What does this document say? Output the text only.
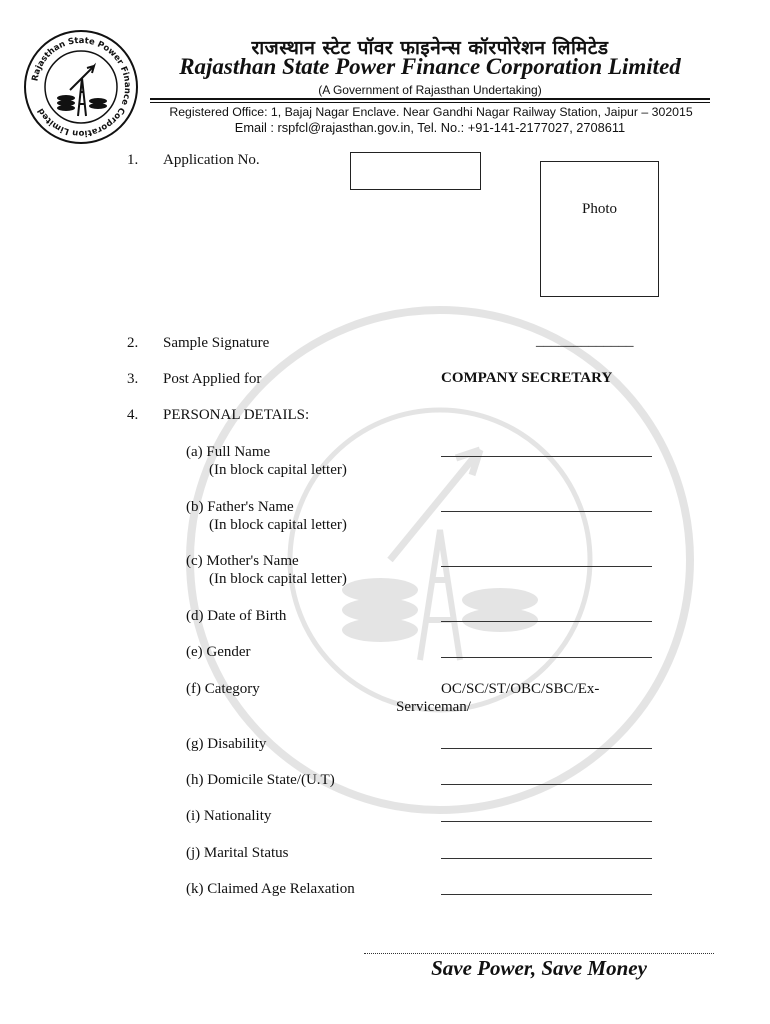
Rajasthan State Power Finance Corporation Limited
राजस्थान स्टेट पॉवर फाइनेन्स कॉरपोरेशन लिमिटेड
Rajasthan State Power Finance Corporation Limited
(A Government of Rajasthan Undertaking)
Registered Office: 1, Bajaj Nagar Enclave. Near Gandhi Nagar Railway Station, Jaipur – 302015
Email : rspfcl@rajasthan.gov.in, Tel. No.: +91-141-2177027, 2708611
1. Application No.
Photo
2. Sample Signature	_____________
3. Post Applied for	COMPANY SECRETARY
4. PERSONAL DETAILS:
(a) Full Name
(In block capital letter)
(b) Father's Name
(In block capital letter)
(c) Mother's Name
(In block capital letter)
(d) Date of Birth
(e) Gender
(f) Category	OC/SC/ST/OBC/SBC/Ex-
Serviceman/
(g) Disability
(h) Domicile State/(U.T)
(i) Nationality
(j) Marital Status
(k) Claimed Age Relaxation
Save Power, Save Money
